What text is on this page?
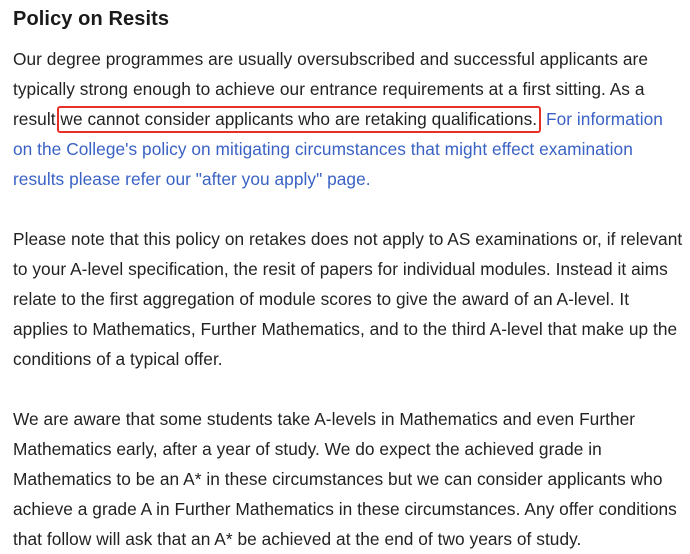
Policy on Resits

Our degree programmes are usually oversubscribed and successful applicants are typically strong enough to achieve our entrance requirements at a first sitting. As a result we cannot consider applicants who are retaking qualifications. For information on the College's policy on mitigating circumstances that might effect examination results please refer our "after you apply" page.

Please note that this policy on retakes does not apply to AS examinations or, if relevant to your A-level specification, the resit of papers for individual modules. Instead it aims relate to the first aggregation of module scores to give the award of an A-level. It applies to Mathematics, Further Mathematics, and to the third A-level that make up the conditions of a typical offer.

We are aware that some students take A-levels in Mathematics and even Further Mathematics early, after a year of study. We do expect the achieved grade in Mathematics to be an A* in these circumstances but we can consider applicants who achieve a grade A in Further Mathematics in these circumstances. Any offer conditions that follow will ask that an A* be achieved at the end of two years of study.
